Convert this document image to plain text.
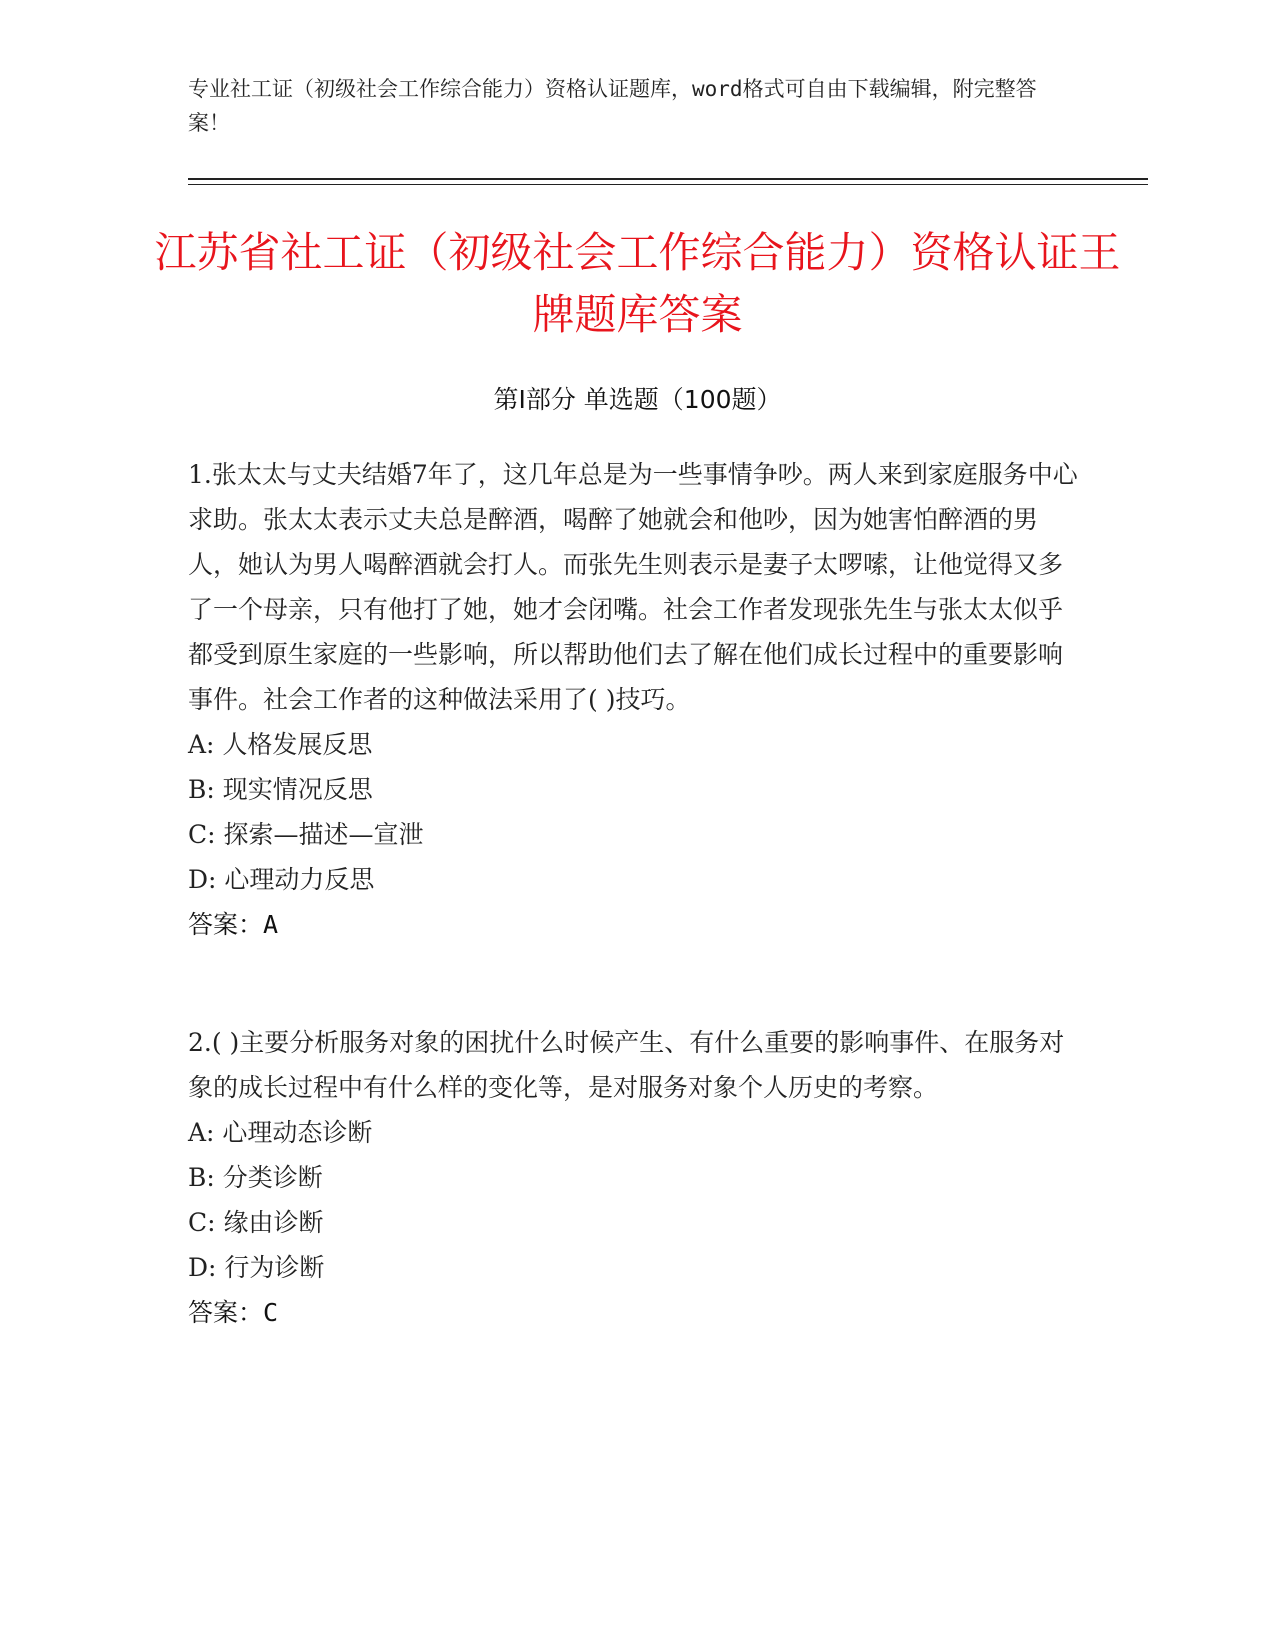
专业社工证（初级社会工作综合能力）资格认证题库，word格式可自由下载编辑，附完整答案！
江苏省社工证（初级社会工作综合能力）资格认证王牌题库答案
第Ⅰ部分 单选题（100题）
1.张太太与丈夫结婚7年了，这几年总是为一些事情争吵。两人来到家庭服务中心求助。张太太表示丈夫总是醉酒，喝醉了她就会和他吵，因为她害怕醉酒的男人，她认为男人喝醉酒就会打人。而张先生则表示是妻子太啰嗦，让他觉得又多了一个母亲，只有他打了她，她才会闭嘴。社会工作者发现张先生与张太太似乎都受到原生家庭的一些影响，所以帮助他们去了解在他们成长过程中的重要影响事件。社会工作者的这种做法采用了( )技巧。
A: 人格发展反思
B: 现实情况反思
C: 探索—描述—宣泄
D: 心理动力反思
答案：A
2.( )主要分析服务对象的困扰什么时候产生、有什么重要的影响事件、在服务对象的成长过程中有什么样的变化等，是对服务对象个人历史的考察。
A: 心理动态诊断
B: 分类诊断
C: 缘由诊断
D: 行为诊断
答案：C
